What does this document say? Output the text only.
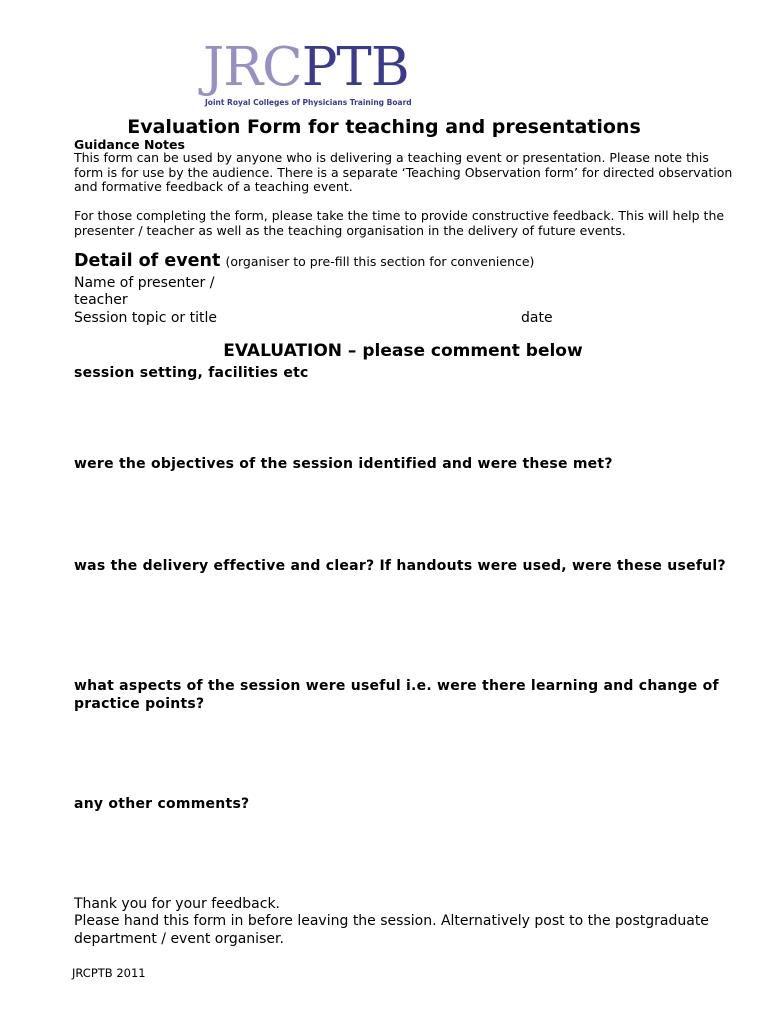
JRCPTB
Joint Royal Colleges of Physicians Training Board
Evaluation Form for teaching and presentations
Guidance Notes
This form can be used by anyone who is delivering a teaching event or presentation. Please note this form is for use by the audience. There is a separate ‘Teaching Observation form’ for directed observation and formative feedback of a teaching event.
For those completing the form, please take the time to provide constructive feedback. This will help the presenter / teacher as well as the teaching organisation in the delivery of future events.
Detail of event (organiser to pre-fill this section for convenience)
Name of presenter / teacher
Session topic or title	date
EVALUATION – please comment below
session setting, facilities etc
were the objectives of the session identified and were these met?
was the delivery effective and clear? If handouts were used, were these useful?
what aspects of the session were useful i.e. were there learning and change of practice points?
any other comments?
Thank you for your feedback.
Please hand this form in before leaving the session. Alternatively post to the postgraduate department / event organiser.
JRCPTB 2011
